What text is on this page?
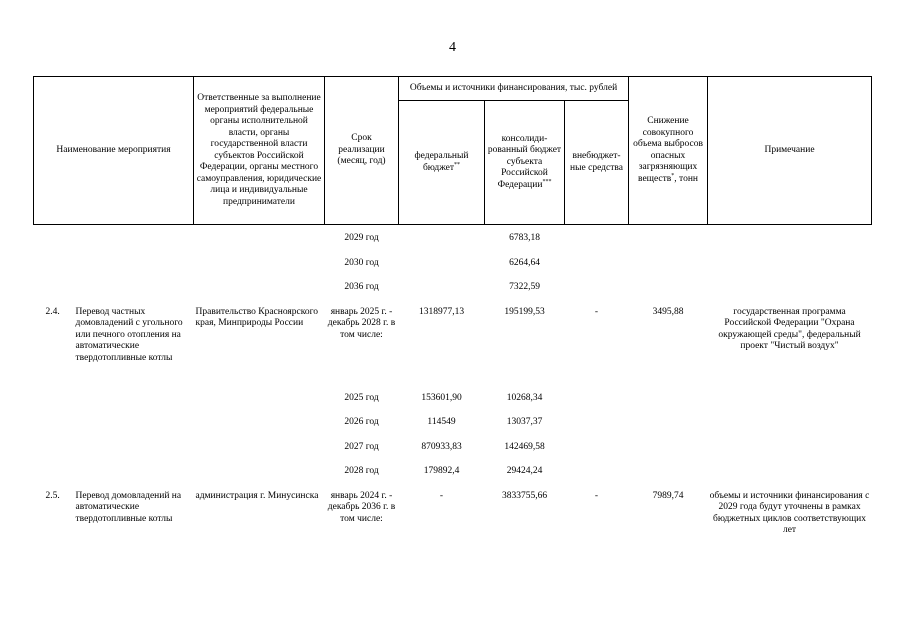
4
Наименование мероприятия	Ответственные за выполнение мероприятий федеральные органы исполнительной власти, органы государственной власти субъектов Российской Федерации, органы местного самоуправления, юридические лица и индивидуальные предприниматели	Срок реализации (месяц, год)	Объемы и источники финансирования, тыс. рублей			Снижение совокупного объема выбросов опасных загрязняющих веществ*, тонн	Примечание
			федеральный бюджет**	консолиди-рованный бюджет субъекта Российской Федерации***	внебюджет-ные средства		

		2029 год		6783,18			
		2030 год		6264,64			
		2036 год		7322,59			

2.4. Перевод частных домовладений с угольного или печного отопления на автоматические твердотопливные котлы	Правительство Красноярского края, Минприроды России	январь 2025 г. - декабрь 2028 г. в том числе:	1318977,13	195199,53	-	3495,88	государственная программа Российской Федерации "Охрана окружающей среды", федеральный проект "Чистый воздух"
		2025 год	153601,90	10268,34			
		2026 год	114549	13037,37			
		2027 год	870933,83	142469,58			
		2028 год	179892,4	29424,24			

2.5. Перевод домовладений на автоматические твердотопливные котлы	администрация г. Минусинска	январь 2024 г. - декабрь 2036 г. в том числе:	-	3833755,66	-	7989,74	объемы и источники финансирования с 2029 года будут уточнены в рамках бюджетных циклов соответствующих лет
